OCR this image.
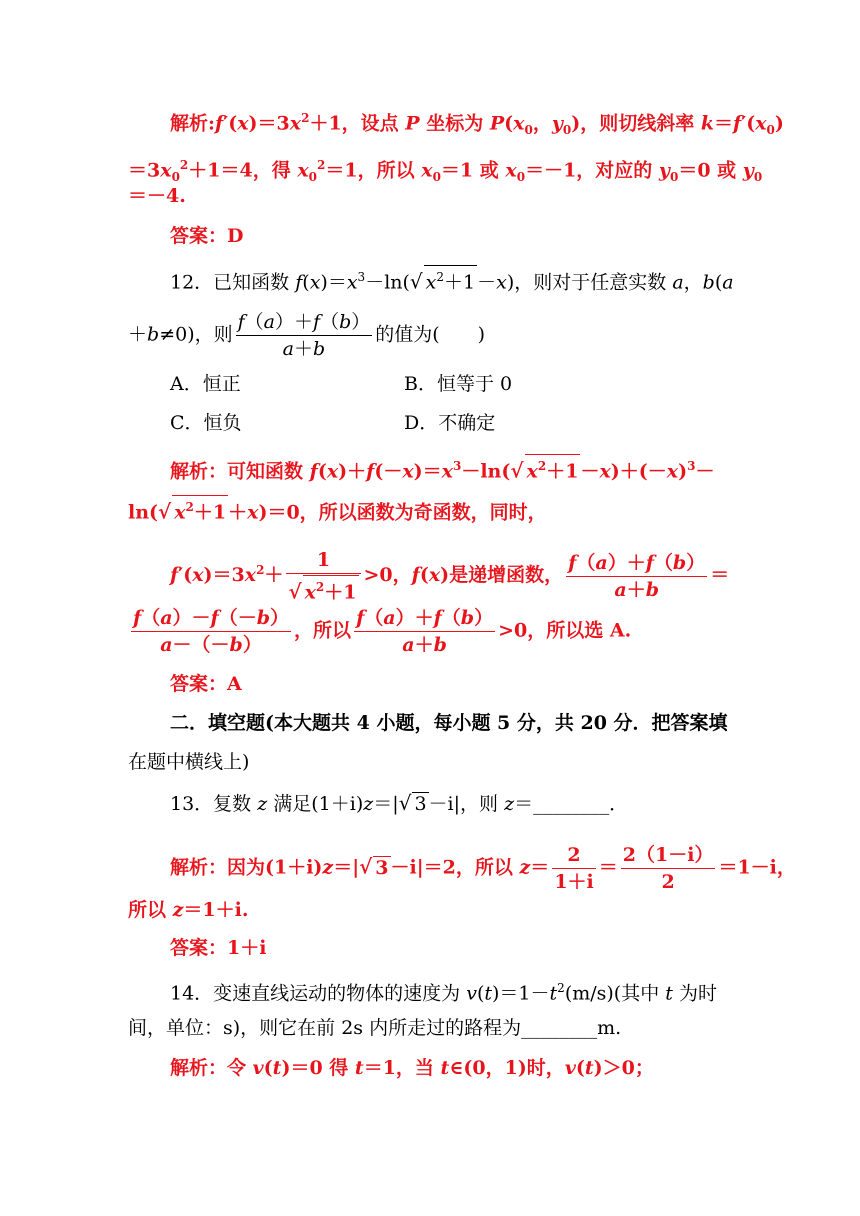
解析$:f'(x)=3x^2+1$，设点 P 坐标为 $P(x_0$，$y_0$)，则切线斜率 $k=f'(x_0)$
$=3x_0^2+1=4$，得 $x_0^2=1$，所以 $x_0=1$ 或 $x_0=-1$，对应的 $y_0=0$ 或 $y_0$
＝－4.
答案：D
12．已知函数 $f(x)=x^3-\ln(√$ $x^2+1 -x$)，则对于任意实数 a，b(a
＋b≠0)，则 $\frac{f(a)+f(b)}{a+b}$ 的值为(　　)
A．恒正	B．恒等于 0
C．恒负	D．不确定
解析：可知函数 $f(x)+f(-x)=x^3-\ln(√$ $x^2+1 -x)+(-x)^3-$
ln(√ $x^2+1 +x)=0$，所以函数为奇函数，同时，
$f'(x)=3x^2+ \frac{1}{√ x^2+1} >0$，f(x)是递增函数， $\frac{f(a)+f(b)}{a+b}$ ＝
$\frac{f(a)-f(-b)}{a-(-b)}$ ，所以 $\frac{f(a)+f(b)}{a+b} >0$，所以选 A.
答案：A
二．填空题(本大题共 4 小题，每小题 5 分，共 20 分．把答案填
在题中横线上)
13．复数 z 满足(1＋i)z＝|√ 3 －i|，则 z＝________．
解析：因为(1＋i)z＝|√ 3 －i|＝2，所以 $z= \frac{2}{1+i} = \frac{2(1-i)}{2} =1-i$，
所以 z＝1＋i.
答案：1＋i
14．变速直线运动的物体的速度为 $v(t)=1-t^2(m/s)$(其中 t 为时
间，单位：s)，则它在前 2s 内所走过的路程为________m.
解析：令 v(t)＝0 得 t＝1，当 t∈(0，1)时，v(t)＞0；
